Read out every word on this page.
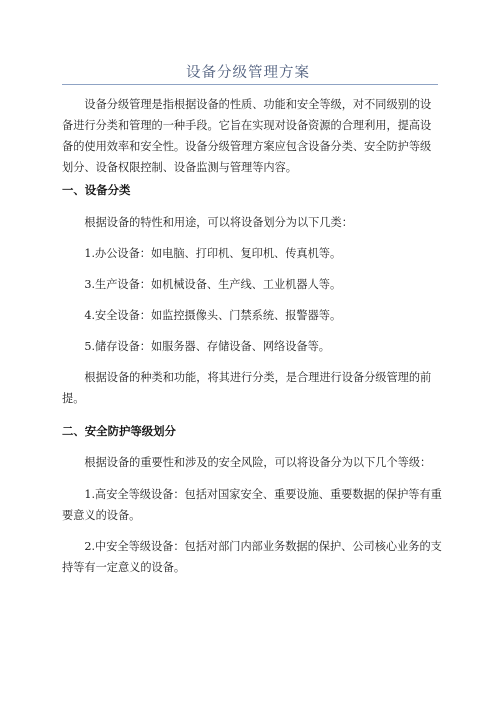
设备分级管理方案

　　设备分级管理是指根据设备的性质、功能和安全等级，对不同级别的设备进行分类和管理的一种手段。它旨在实现对设备资源的合理利用，提高设备的使用效率和安全性。设备分级管理方案应包含设备分类、安全防护等级划分、设备权限控制、设备监测与管理等内容。

一、设备分类

　　根据设备的特性和用途，可以将设备划分为以下几类：

　　1.办公设备：如电脑、打印机、复印机、传真机等。

　　3.生产设备：如机械设备、生产线、工业机器人等。

　　4.安全设备：如监控摄像头、门禁系统、报警器等。

　　5.储存设备：如服务器、存储设备、网络设备等。

　　根据设备的种类和功能，将其进行分类，是合理进行设备分级管理的前提。

二、安全防护等级划分

　　根据设备的重要性和涉及的安全风险，可以将设备分为以下几个等级：

　　1.高安全等级设备：包括对国家安全、重要设施、重要数据的保护等有重要意义的设备。

　　2.中安全等级设备：包括对部门内部业务数据的保护、公司核心业务的支持等有一定意义的设备。
